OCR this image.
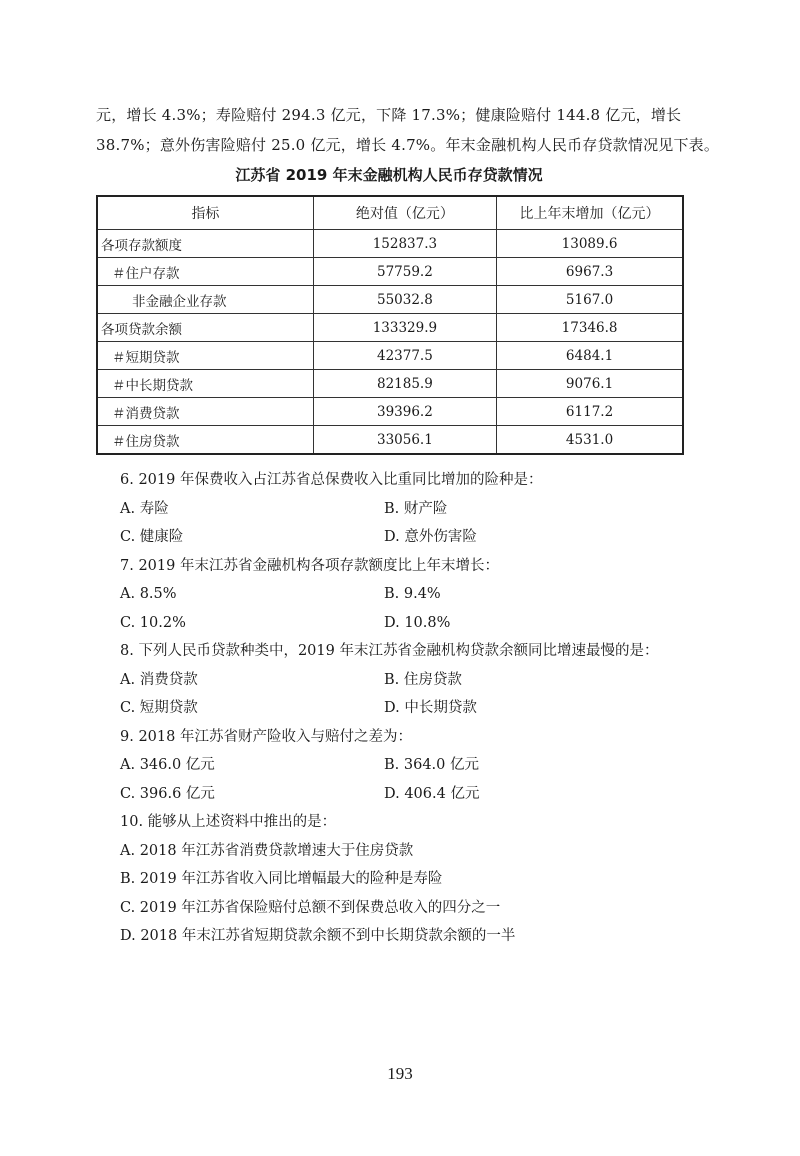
元，增长 4.3%；寿险赔付 294.3 亿元，下降 17.3%；健康险赔付 144.8 亿元，增长
38.7%；意外伤害险赔付 25.0 亿元，增长 4.7%。年末金融机构人民币存贷款情况见下表。
江苏省 2019 年末金融机构人民币存贷款情况
指标	绝对值（亿元）	比上年末增加（亿元）
各项存款额度	152837.3	13089.6
＃住户存款	57759.2	6967.3
非金融企业存款	55032.8	5167.0
各项贷款余额	133329.9	17346.8
＃短期贷款	42377.5	6484.1
＃中长期贷款	82185.9	9076.1
＃消费贷款	39396.2	6117.2
＃住房贷款	33056.1	4531.0
6. 2019 年保费收入占江苏省总保费收入比重同比增加的险种是：
A. 寿险	B. 财产险
C. 健康险	D. 意外伤害险
7. 2019 年末江苏省金融机构各项存款额度比上年末增长：
A. 8.5%	B. 9.4%
C. 10.2%	D. 10.8%
8. 下列人民币贷款种类中，2019 年末江苏省金融机构贷款余额同比增速最慢的是：
A. 消费贷款	B. 住房贷款
C. 短期贷款	D. 中长期贷款
9. 2018 年江苏省财产险收入与赔付之差为：
A. 346.0 亿元	B. 364.0 亿元
C. 396.6 亿元	D. 406.4 亿元
10. 能够从上述资料中推出的是：
A. 2018 年江苏省消费贷款增速大于住房贷款
B. 2019 年江苏省收入同比增幅最大的险种是寿险
C. 2019 年江苏省保险赔付总额不到保费总收入的四分之一
D. 2018 年末江苏省短期贷款余额不到中长期贷款余额的一半
193
